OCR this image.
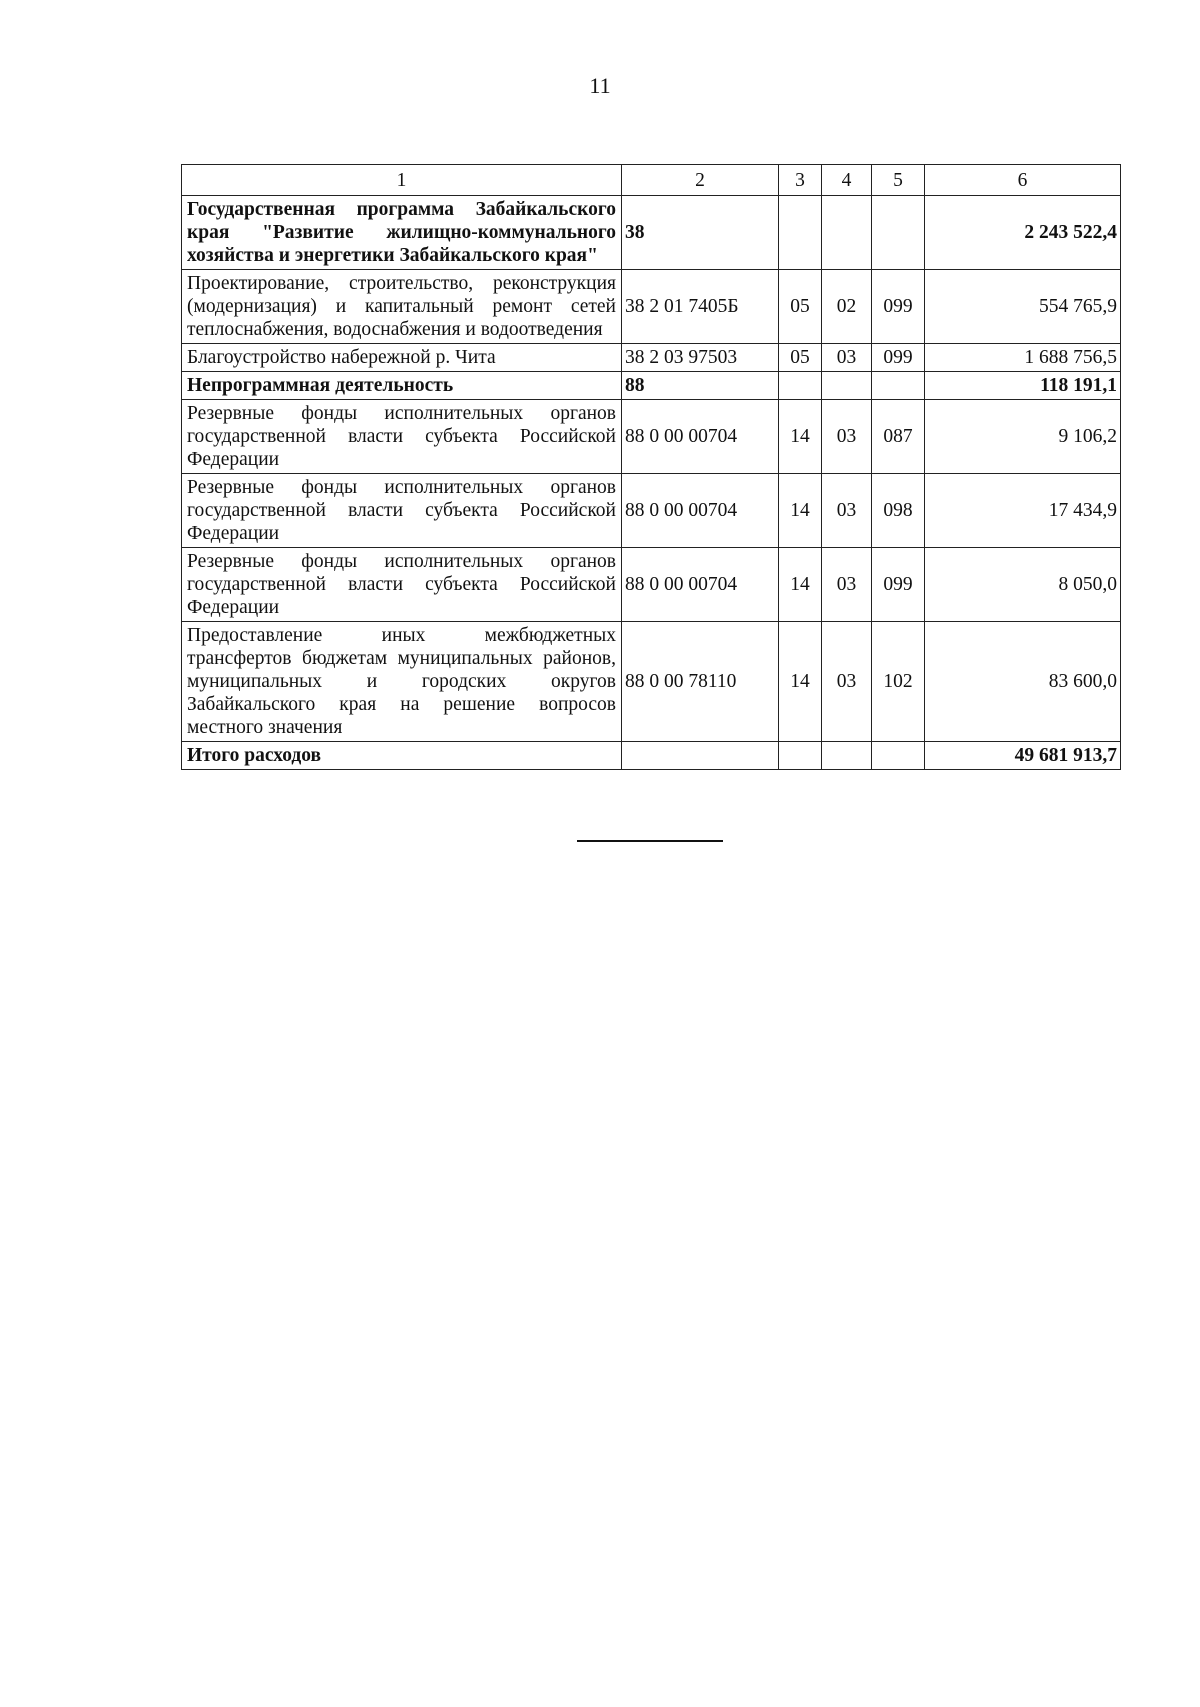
11
1	2	3	4	5	6
Государственная программа Забайкальского края "Развитие жилищно-коммунального хозяйства и энергетики Забайкальского края"	38				2 243 522,4
Проектирование, строительство, реконструкция (модернизация) и капитальный ремонт сетей теплоснабжения, водоснабжения и водоотведения	38 2 01 7405Б	05	02	099	554 765,9
Благоустройство набережной р. Чита	38 2 03 97503	05	03	099	1 688 756,5
Непрограммная деятельность	88				118 191,1
Резервные фонды исполнительных органов государственной власти субъекта Российской Федерации	88 0 00 00704	14	03	087	9 106,2
Резервные фонды исполнительных органов государственной власти субъекта Российской Федерации	88 0 00 00704	14	03	098	17 434,9
Резервные фонды исполнительных органов государственной власти субъекта Российской Федерации	88 0 00 00704	14	03	099	8 050,0
Предоставление иных межбюджетных трансфертов бюджетам муниципальных районов, муниципальных и городских округов Забайкальского края на решение вопросов местного значения	88 0 00 78110	14	03	102	83 600,0
Итого расходов					49 681 913,7
